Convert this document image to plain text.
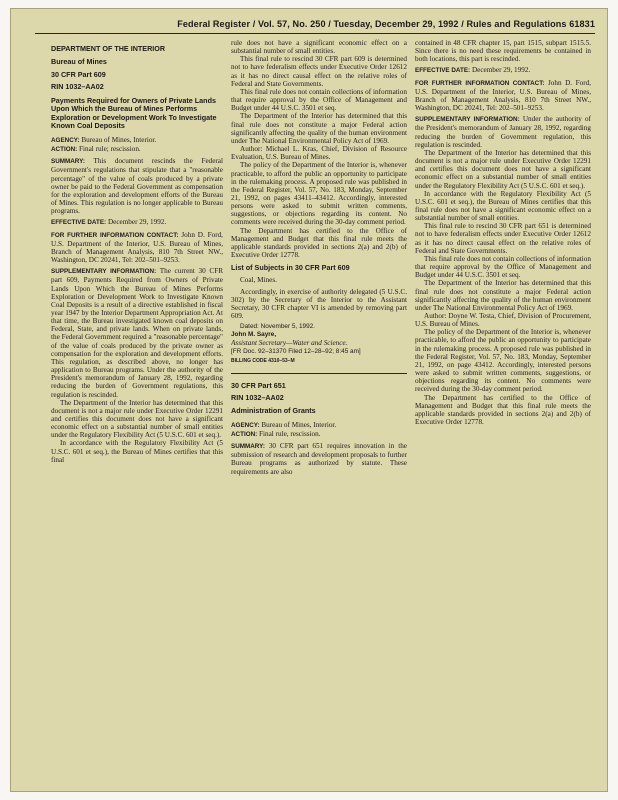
Federal Register / Vol. 57, No. 250 / Tuesday, December 29, 1992 / Rules and Regulations 61831

DEPARTMENT OF THE INTERIOR

Bureau of Mines

30 CFR Part 609

RIN 1032–AA02

Payments Required for Owners of Private Lands Upon Which the Bureau of Mines Performs Exploration or Development Work To Investigate Known Coal Deposits

AGENCY: Bureau of Mines, Interior.

ACTION: Final rule; rescission.

SUMMARY: This document rescinds the Federal Government's regulations that stipulate that a "reasonable percentage" of the value of coals produced by a private owner be paid to the Federal Government as compensation for the exploration and development efforts of the Bureau of Mines. This regulation is no longer applicable to Bureau programs.

EFFECTIVE DATE: December 29, 1992.

FOR FURTHER INFORMATION CONTACT: John D. Ford, U.S. Department of the Interior, U.S. Bureau of Mines, Branch of Management Analysis, 810 7th Street NW., Washington, DC 20241, Tel: 202–501–9253.

SUPPLEMENTARY INFORMATION: The current 30 CFR part 609, Payments Required from Owners of Private Lands Upon Which the Bureau of Mines Performs Exploration or Development Work to Investigate Known Coal Deposits is a result of a directive established in fiscal year 1947 by the Interior Department Appropriation Act. At that time, the Bureau investigated known coal deposits on Federal, State, and private lands. When on private lands, the Federal Government required a "reasonable percentage" of the value of coals produced by the private owner as compensation for the exploration and development efforts. This regulation, as described above, no longer has application to Bureau programs. Under the authority of the President's memorandum of January 28, 1992, regarding reducing the burden of Government regulations, this regulation is rescinded.

The Department of the Interior has determined that this document is not a major rule under Executive Order 12291 and certifies this document does not have a significant economic effect on a substantial number of small entities under the Regulatory Flexibility Act (5 U.S.C. 601 et seq.).

In accordance with the Regulatory Flexibility Act (5 U.S.C. 601 et seq.), the Bureau of Mines certifies that this final

rule does not have a significant economic effect on a substantial number of small entities.

This final rule to rescind 30 CFR part 609 is determined not to have federalism effects under Executive Order 12612 as it has no direct causal effect on the relative roles of Federal and State Governments.

This final rule does not contain collections of information that require approval by the Office of Management and Budget under 44 U.S.C. 3501 et seq.

The Department of the Interior has determined that this final rule does not constitute a major Federal action significantly affecting the quality of the human environment under The National Environmental Policy Act of 1969.

Author: Michael L. Kras, Chief, Division of Resource Evaluation, U.S. Bureau of Mines.

The policy of the Department of the Interior is, whenever practicable, to afford the public an opportunity to participate in the rulemaking process. A proposed rule was published in the Federal Register, Vol. 57, No. 183, Monday, September 21, 1992, on pages 43411–43412. Accordingly, interested persons were asked to submit written comments, suggestions, or objections regarding its content. No comments were received during the 30-day comment period.

The Department has certified to the Office of Management and Budget that this final rule meets the applicable standards provided in sections 2(a) and 2(b) of Executive Order 12778.

List of Subjects in 30 CFR Part 609

Coal, Mines.

Accordingly, in exercise of authority delegated (5 U.S.C. 302) by the Secretary of the Interior to the Assistant Secretary, 30 CFR chapter VI is amended by removing part 609.

Dated: November 5, 1992.

John M. Sayre,

Assistant Secretary—Water and Science.

[FR Doc. 92–31370 Filed 12–28–92; 8:45 am]

BILLING CODE 4310–53–M

30 CFR Part 651

RIN 1032–AA02

Administration of Grants

AGENCY: Bureau of Mines, Interior.

ACTION: Final rule, rescission.

SUMMARY: 30 CFR part 651 requires innovation in the submission of research and development proposals to further Bureau programs as authorized by statute. These requirements are also

contained in 48 CFR chapter 15, part 1515, subpart 1515.5. Since there is no need these requirements be contained in both locations, this part is rescinded.

EFFECTIVE DATE: December 29, 1992.

FOR FURTHER INFORMATION CONTACT: John D. Ford, U.S. Department of the Interior, U.S. Bureau of Mines, Branch of Management Analysis, 810 7th Street NW., Washington, DC 20241, Tel: 202–501–9253.

SUPPLEMENTARY INFORMATION: Under the authority of the President's memorandum of January 28, 1992, regarding reducing the burden of Government regulation, this regulation is rescinded.

The Department of the Interior has determined that this document is not a major rule under Executive Order 12291 and certifies this document does not have a significant economic effect on a substantial number of small entities under the Regulatory Flexibility Act (5 U.S.C. 601 et seq.).

In accordance with the Regulatory Flexibility Act (5 U.S.C. 601 et seq.), the Bureau of Mines certifies that this final rule does not have a significant economic effect on a substantial number of small entities.

This final rule to rescind 30 CFR part 651 is determined not to have federalism effects under Executive Order 12612 as it has no direct causal effect on the relative roles of Federal and State Governments.

This final rule does not contain collections of information that require approval by the Office of Management and Budget under 44 U.S.C. 3501 et seq.

The Department of the Interior has determined that this final rule does not constitute a major Federal action significantly affecting the quality of the human environment under The National Environmental Policy Act of 1969.

Author: Doyne W. Testa, Chief, Division of Procurement, U.S. Bureau of Mines.

The policy of the Department of the Interior is, whenever practicable, to afford the public an opportunity to participate in the rulemaking process. A proposed rule was published in the Federal Register, Vol. 57, No. 183, Monday, September 21, 1992, on page 43412. Accordingly, interested persons were asked to submit written comments, suggestions, or objections regarding its content. No comments were received during the 30-day comment period.

The Department has certified to the Office of Management and Budget that this final rule meets the applicable standards provided in sections 2(a) and 2(b) of Executive Order 12778.
